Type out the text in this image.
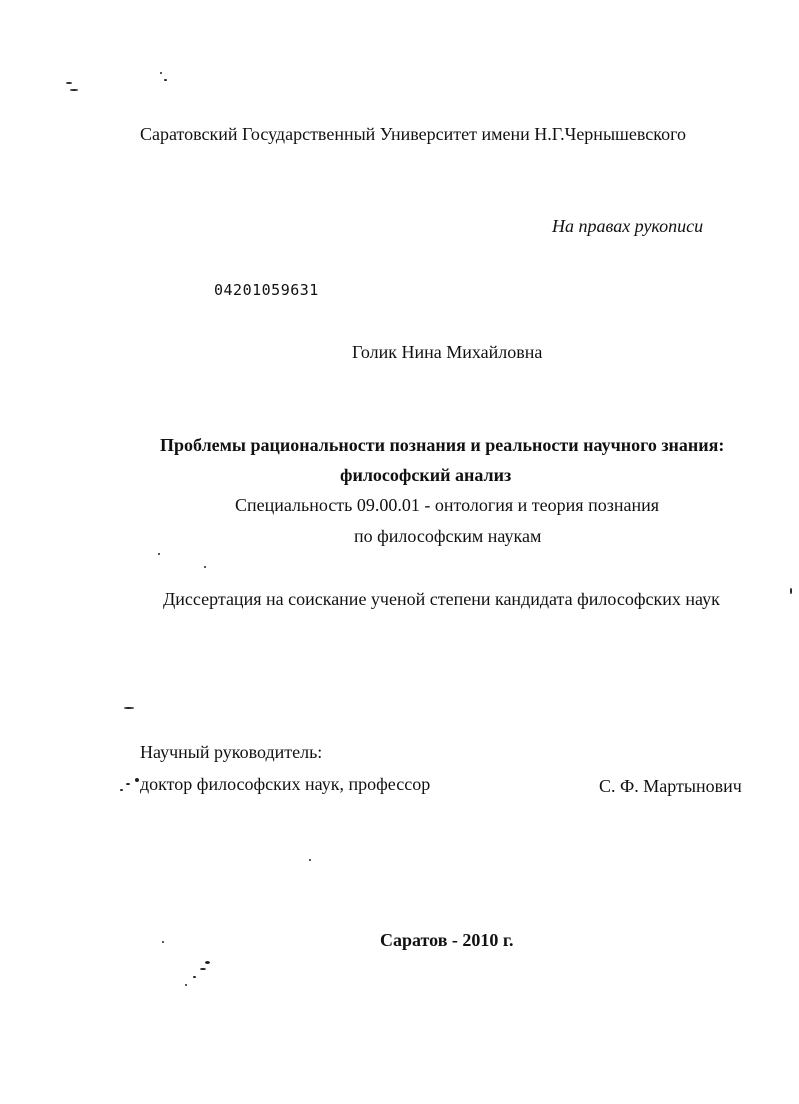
Саратовский Государственный Университет имени Н.Г.Чернышевского
На правах рукописи
04201059631
Голик Нина Михайловна
Проблемы рациональности познания и реальности научного знания:
философский анализ
Специальность 09.00.01 - онтология и теория познания
по философским наукам
Диссертация на соискание ученой степени кандидата философских наук
Научный руководитель:
доктор философских наук, профессор	С. Ф. Мартынович
Саратов - 2010 г.
